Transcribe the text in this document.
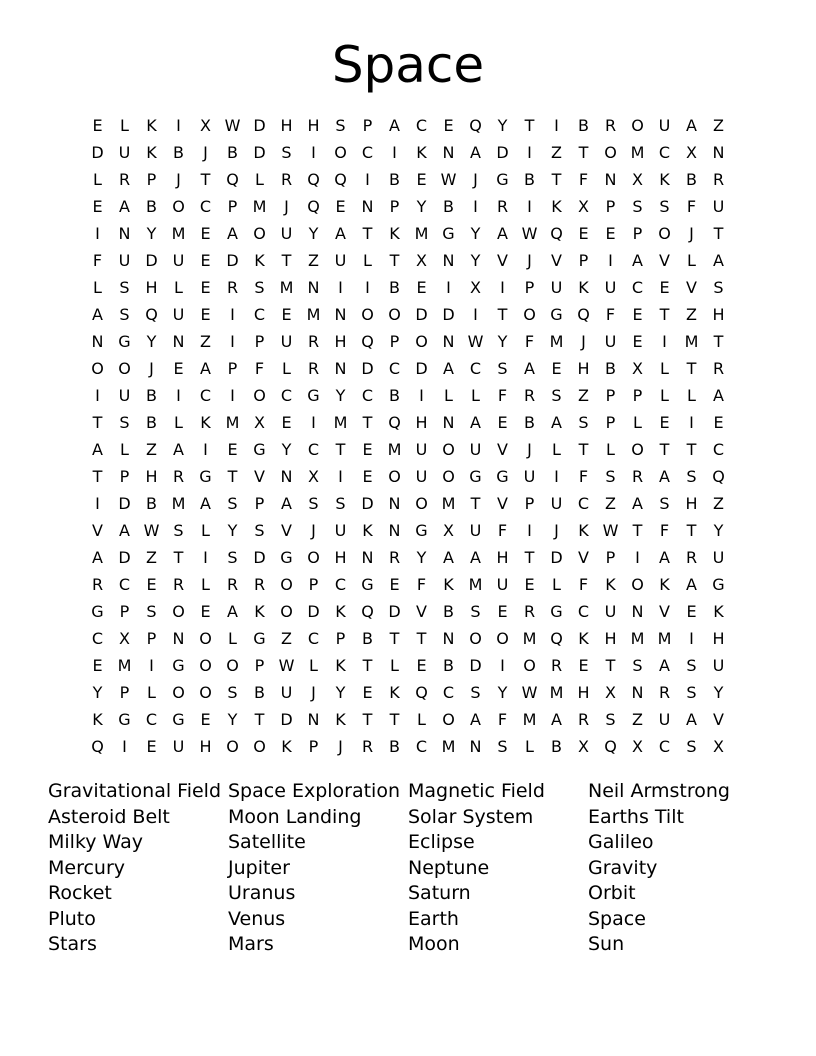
Space
E	L	K	I	X W D H H S	P	A C	E Q Y	T	I	B R O U A	Z
D U K	B	J	B D S	I	O C	I	K N A D	I	Z	T O M C X N
L	R	P	J	T Q	L	R Q Q	I	B	E W	J	G B	T	F	N X	K	B R
E	A	B O C	P M	J	Q E N	P	Y	B	I	R	I	K	X	P	S	S	F	U
I	N	Y M E	A O U	Y	A	T	K M G Y	A W Q E	E	P O	J	T
F	U D U	E D K	T	Z U	L	T	X N	Y	V	J	V	P	I	A	V	L	A
L	S H	L	E	R	S M N	I	I	B	E	I	X	I	P	U K U C	E	V	S
A	S Q U	E	I	C	E M N O O D D	I	T O G Q	F	E	T	Z H
N G Y	N Z	I	P	U R H Q P O N W Y	F M	J	U	E	I	M T
O O	J	E	A	P	F	L	R N D C D A C	S	A	E H B	X	L	T	R
I	U B	I	C	I	O C G Y	C B	I	L	L	F	R	S	Z	P	P	L	L	A
T	S	B	L	K M X	E	I	M T Q H N A	E	B	A	S	P	L	E	I	E
A	L	Z	A	I	E G Y	C	T	E M U O U V	J	L	T	L	O T	T	C
T	P	H R G T	V N X	I	E O U O G G U	I	F	S	R A	S Q
I	D B M A	S	P	A	S	S D N O M T	V	P	U C Z	A	S H Z
V	A W S	L	Y	S	V	J	U K N G X U	F	I	J	K W T	F	T	Y
A D Z	T	I	S D G O H N R	Y	A	A H	T D V	P	I	A R U
R C	E	R	L	R R O P	C G E	F	K M U	E	L	F	K O K	A G
G P	S O E	A	K O D K Q D V	B	S	E	R G C U N V	E	K
C X	P	N O	L	G Z C	P	B	T	T	N O O M Q K H M M	I	H
E M	I	G O O P W L	K	T	L	E	B D	I	O R	E	T	S	A	S	U
Y	P	L	O O S	B U	J	Y	E	K Q C	S	Y W M H X N R	S	Y
K G C G E	Y	T D N K	T	T	L	O A	F M A R	S	Z U A	V
Q	I	E	U H O O K	P	J	R B C M N S	L	B	X Q X C	S	X
Gravitational Field
Asteroid Belt
Milky Way
Mercury
Rocket
Pluto
Stars
Space Exploration
Moon Landing
Satellite
Jupiter
Uranus
Venus
Mars
Magnetic Field
Solar System
Eclipse
Neptune
Saturn
Earth
Moon
Neil Armstrong
Earths Tilt
Galileo
Gravity
Orbit
Space
Sun
